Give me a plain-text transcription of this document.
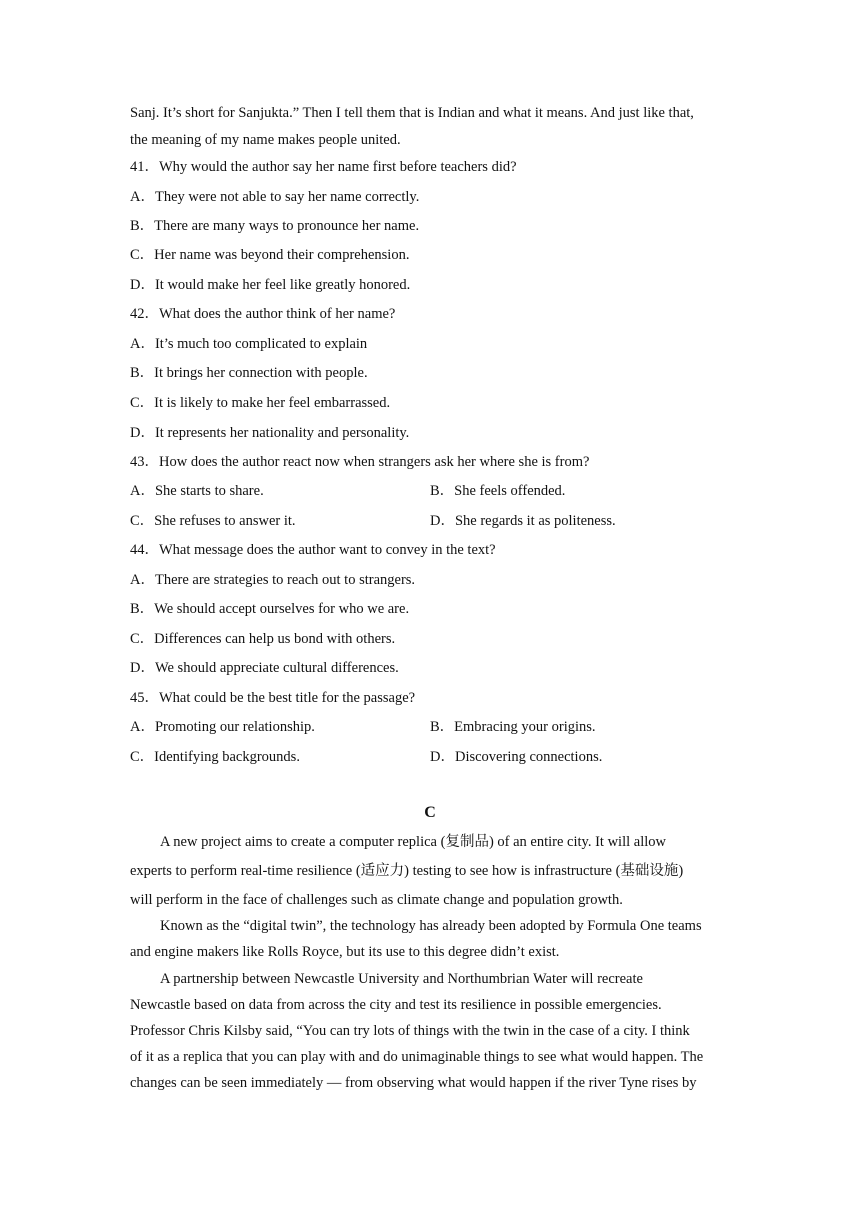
Sanj. It’s short for Sanjukta.” Then I tell them that is Indian and what it means. And just like that,
the meaning of my name makes people united.
41．Why would the author say her name first before teachers did?
A．They were not able to say her name correctly.
B．There are many ways to pronounce her name.
C．Her name was beyond their comprehension.
D．It would make her feel like greatly honored.
42．What does the author think of her name?
A．It’s much too complicated to explain
B．It brings her connection with people.
C．It is likely to make her feel embarrassed.
D．It represents her nationality and personality.
43．How does the author react now when strangers ask her where she is from?
A．She starts to share.	B．She feels offended.
C．She refuses to answer it.	D．She regards it as politeness.
44．What message does the author want to convey in the text?
A．There are strategies to reach out to strangers.
B．We should accept ourselves for who we are.
C．Differences can help us bond with others.
D．We should appreciate cultural differences.
45．What could be the best title for the passage?
A．Promoting our relationship.	B．Embracing your origins.
C．Identifying backgrounds.	D．Discovering connections.
C
A new project aims to create a computer replica (复制品) of an entire city. It will allow
experts to perform real-time resilience (适应力) testing to see how is infrastructure (基础设施)
will perform in the face of challenges such as climate change and population growth.
Known as the “digital twin”, the technology has already been adopted by Formula One teams
and engine makers like Rolls Royce, but its use to this degree didn’t exist.
A partnership between Newcastle University and Northumbrian Water will recreate
Newcastle based on data from across the city and test its resilience in possible emergencies.
Professor Chris Kilsby said, “You can try lots of things with the twin in the case of a city. I think
of it as a replica that you can play with and do unimaginable things to see what would happen. The
changes can be seen immediately — from observing what would happen if the river Tyne rises by
